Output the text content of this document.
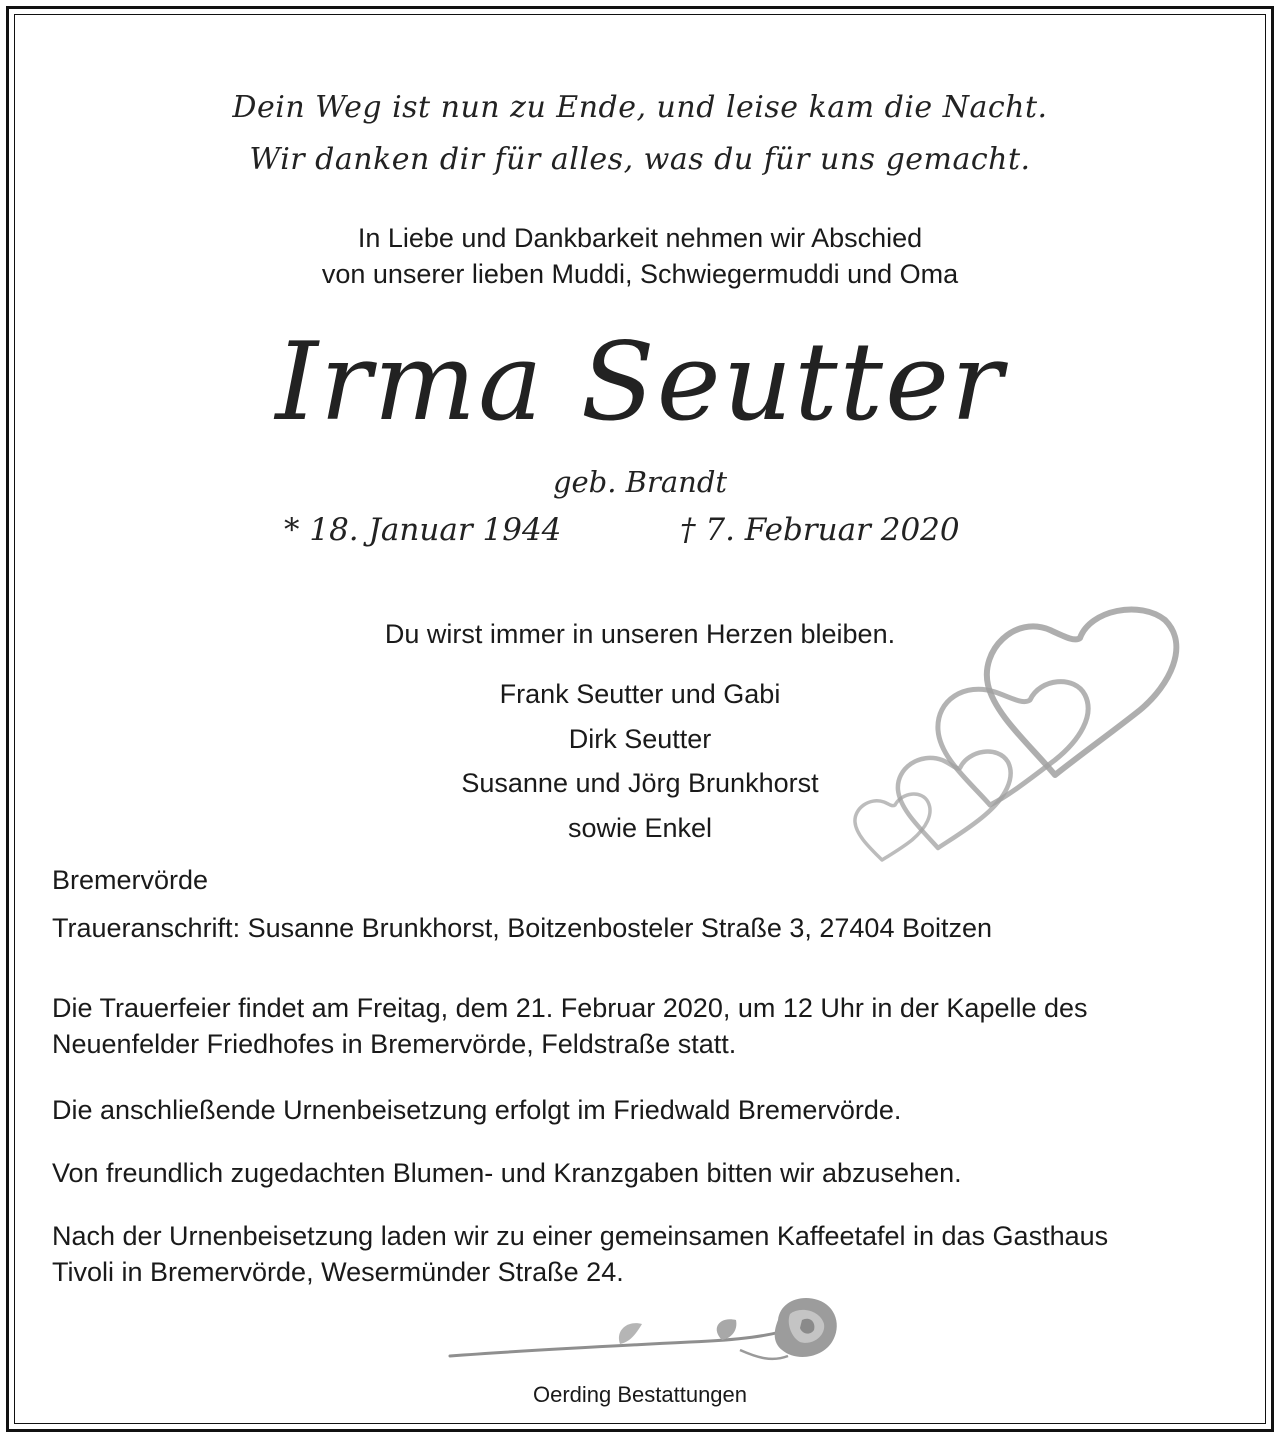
Dein Weg ist nun zu Ende, und leise kam die Nacht.
Wir danken dir für alles, was du für uns gemacht.
In Liebe und Dankbarkeit nehmen wir Abschied
von unserer lieben Muddi, Schwiegermuddi und Oma
Irma Seutter
geb. Brandt
* 18. Januar 1944	† 7. Februar 2020
Du wirst immer in unseren Herzen bleiben.
Frank Seutter und Gabi
Dirk Seutter
Susanne und Jörg Brunkhorst
sowie Enkel
Bremervörde
Traueranschrift: Susanne Brunkhorst, Boitzenbosteler Straße 3, 27404 Boitzen
Die Trauerfeier findet am Freitag, dem 21. Februar 2020, um 12 Uhr in der Kapelle des
Neuenfelder Friedhofes in Bremervörde, Feldstraße statt.
Die anschließende Urnenbeisetzung erfolgt im Friedwald Bremervörde.
Von freundlich zugedachten Blumen- und Kranzgaben bitten wir abzusehen.
Nach der Urnenbeisetzung laden wir zu einer gemeinsamen Kaffeetafel in das Gasthaus
Tivoli in Bremervörde, Wesermünder Straße 24.
Oerding Bestattungen
